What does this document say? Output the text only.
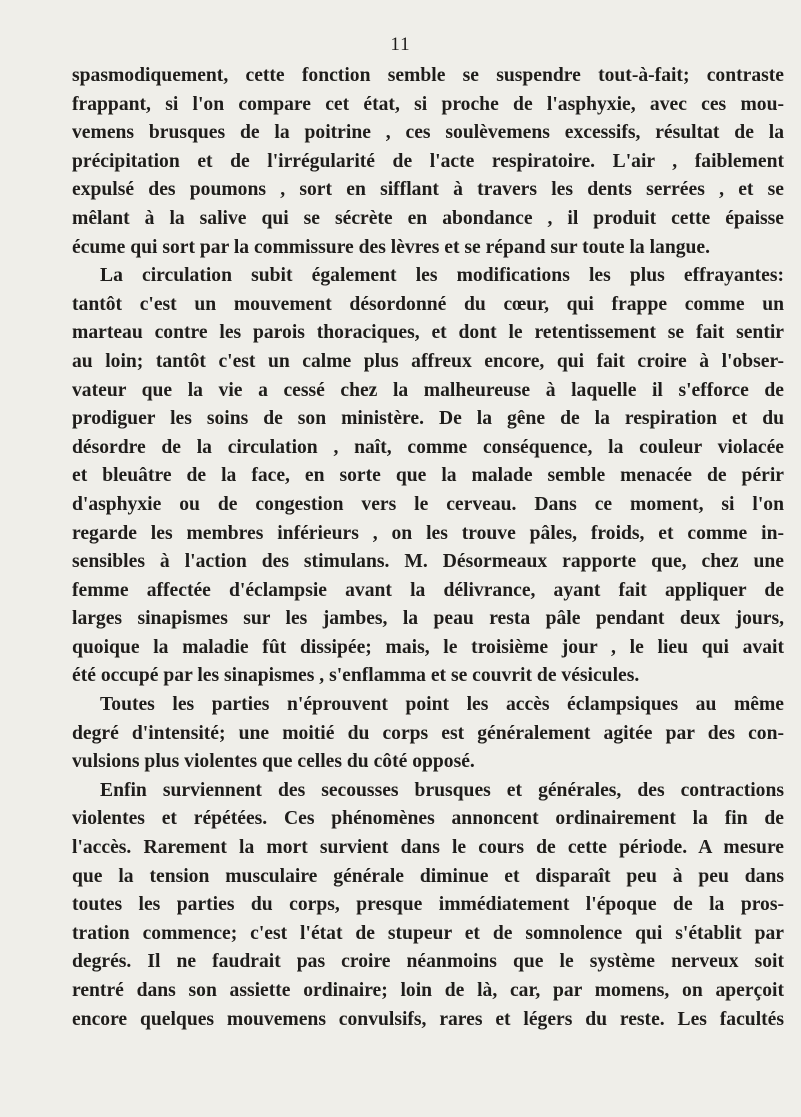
11
spasmodiquement, cette fonction semble se suspendre tout-à-fait; contraste
frappant, si l'on compare cet état, si proche de l'asphyxie, avec ces mou-
vemens brusques de la poitrine , ces soulèvemens excessifs, résultat de la
précipitation et de l'irrégularité de l'acte respiratoire. L'air , faiblement
expulsé des poumons , sort en sifflant à travers les dents serrées , et se
mêlant à la salive qui se sécrète en abondance , il produit cette épaisse
écume qui sort par la commissure des lèvres et se répand sur toute la langue.
La circulation subit également les modifications les plus effrayantes:
tantôt c'est un mouvement désordonné du cœur, qui frappe comme un
marteau contre les parois thoraciques, et dont le retentissement se fait sentir
au loin; tantôt c'est un calme plus affreux encore, qui fait croire à l'obser-
vateur que la vie a cessé chez la malheureuse à laquelle il s'efforce de
prodiguer les soins de son ministère. De la gêne de la respiration et du
désordre de la circulation , naît, comme conséquence, la couleur violacée
et bleuâtre de la face, en sorte que la malade semble menacée de périr
d'asphyxie ou de congestion vers le cerveau. Dans ce moment, si l'on
regarde les membres inférieurs , on les trouve pâles, froids, et comme in-
sensibles à l'action des stimulans. M. Désormeaux rapporte que, chez une
femme affectée d'éclampsie avant la délivrance, ayant fait appliquer de
larges sinapismes sur les jambes, la peau resta pâle pendant deux jours,
quoique la maladie fût dissipée; mais, le troisième jour , le lieu qui avait
été occupé par les sinapismes , s'enflamma et se couvrit de vésicules.
Toutes les parties n'éprouvent point les accès éclampsiques au même
degré d'intensité; une moitié du corps est généralement agitée par des con-
vulsions plus violentes que celles du côté opposé.
Enfin surviennent des secousses brusques et générales, des contractions
violentes et répétées. Ces phénomènes annoncent ordinairement la fin de
l'accès. Rarement la mort survient dans le cours de cette période. A mesure
que la tension musculaire générale diminue et disparaît peu à peu dans
toutes les parties du corps, presque immédiatement l'époque de la pros-
tration commence; c'est l'état de stupeur et de somnolence qui s'établit par
degrés. Il ne faudrait pas croire néanmoins que le système nerveux soit
rentré dans son assiette ordinaire; loin de là, car, par momens, on aperçoit
encore quelques mouvemens convulsifs, rares et légers du reste. Les facultés
